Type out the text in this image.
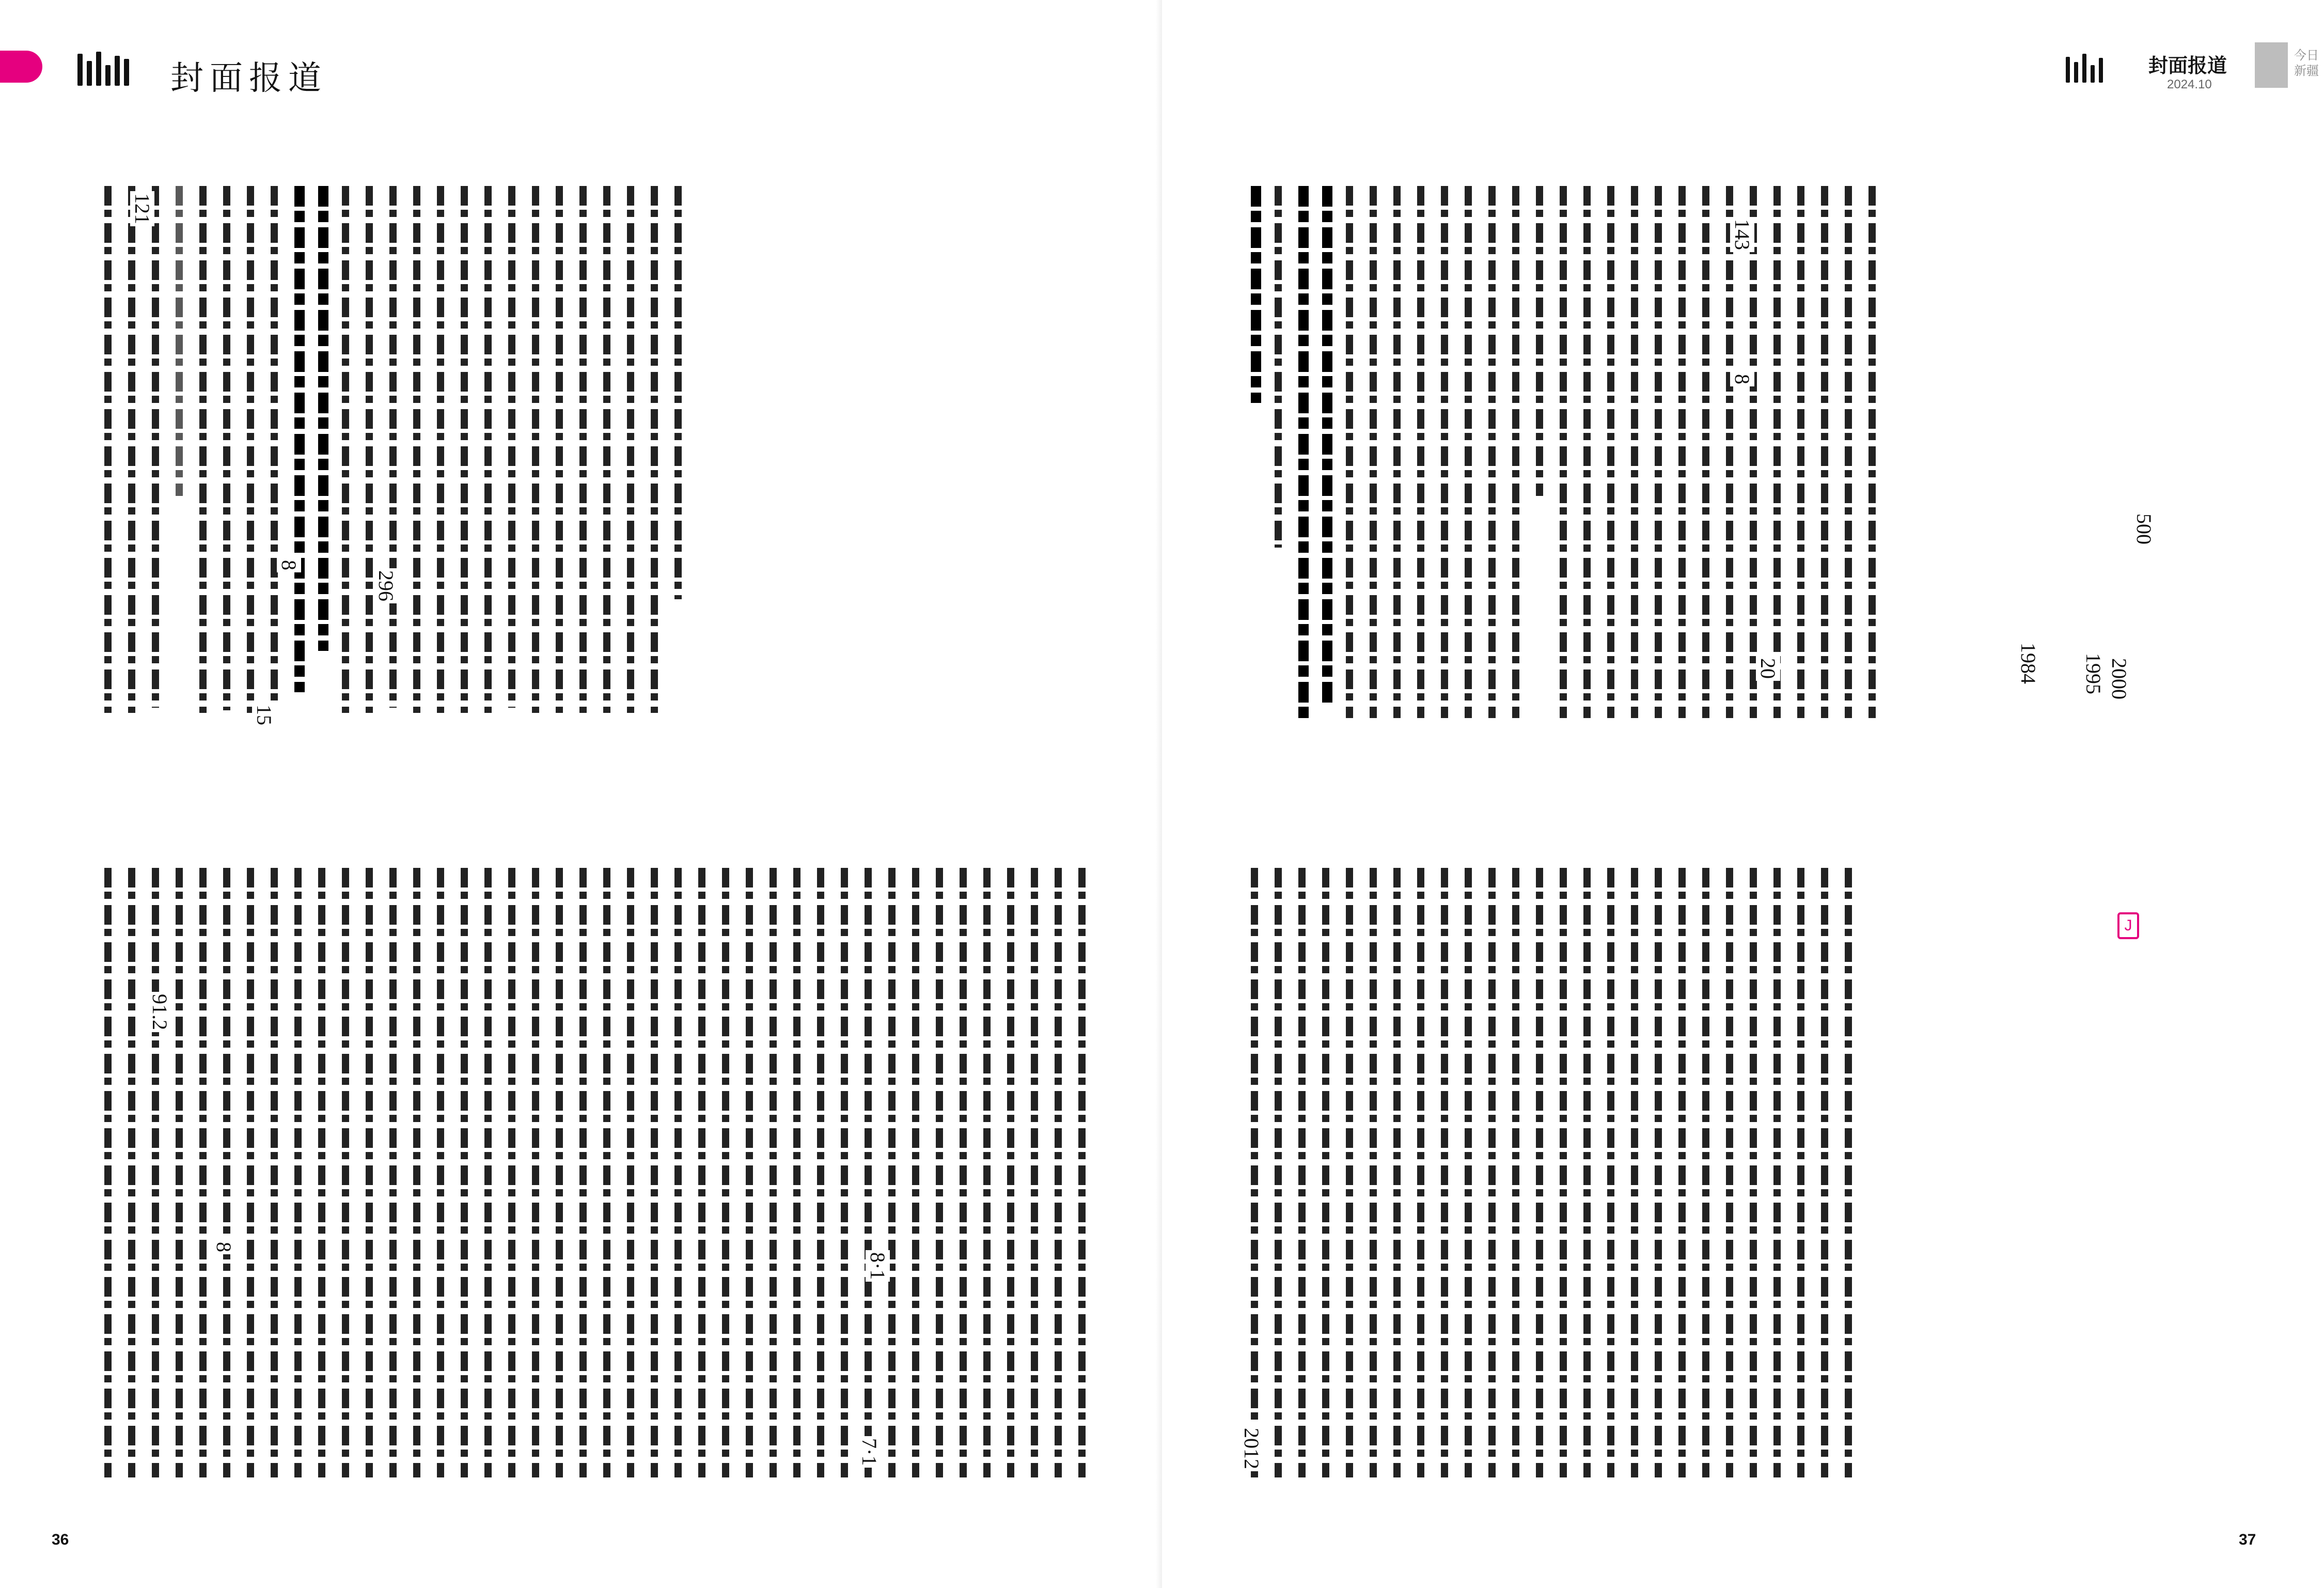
封面报道
121
8
15
296
8·1
7·1
91.2
8
36
封面报道
2024.10
今日
新疆
1995 2000
500
1984
20
8
143
2012
J
37
